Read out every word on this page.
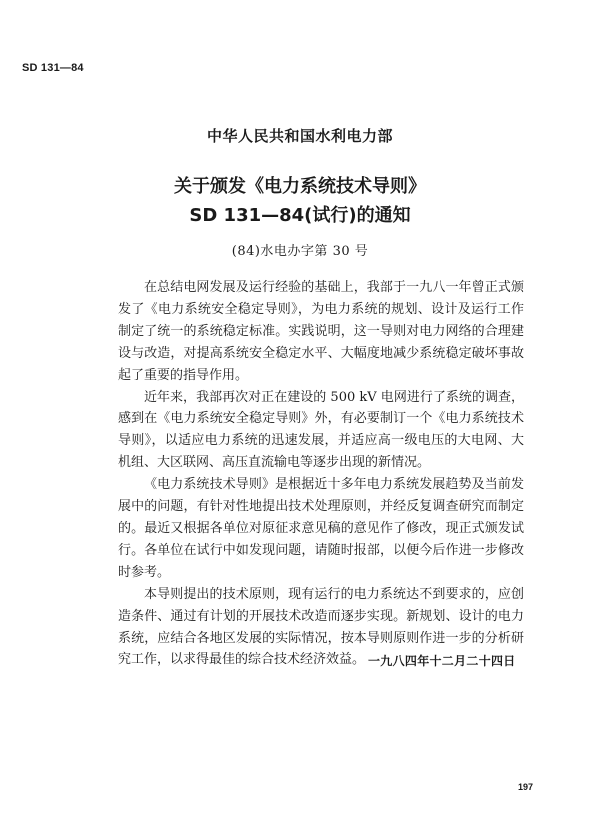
SD 131—84
中华人民共和国水利电力部
关于颁发《电力系统技术导则》
SD 131—84(试行)的通知
(84)水电办字第 30 号

在总结电网发展及运行经验的基础上，我部于一九八一年曾正式颁发了《电力系统安全稳定导则》，为电力系统的规划、设计及运行工作制定了统一的系统稳定标准。实践说明，这一导则对电力网络的合理建设与改造，对提高系统安全稳定水平、大幅度地减少系统稳定破坏事故起了重要的指导作用。

近年来，我部再次对正在建设的 500 kV 电网进行了系统的调查，感到在《电力系统安全稳定导则》外，有必要制订一个《电力系统技术导则》，以适应电力系统的迅速发展，并适应高一级电压的大电网、大机组、大区联网、高压直流输电等逐步出现的新情况。

《电力系统技术导则》是根据近十多年电力系统发展趋势及当前发展中的问题，有针对性地提出技术处理原则，并经反复调查研究而制定的。最近又根据各单位对原征求意见稿的意见作了修改，现正式颁发试行。各单位在试行中如发现问题，请随时报部，以便今后作进一步修改时参考。

本导则提出的技术原则，现有运行的电力系统达不到要求的，应创造条件、通过有计划的开展技术改造而逐步实现。新规划、设计的电力系统，应结合各地区发展的实际情况，按本导则原则作进一步的分析研究工作，以求得最佳的综合技术经济效益。 一九八四年十二月二十四日
197
